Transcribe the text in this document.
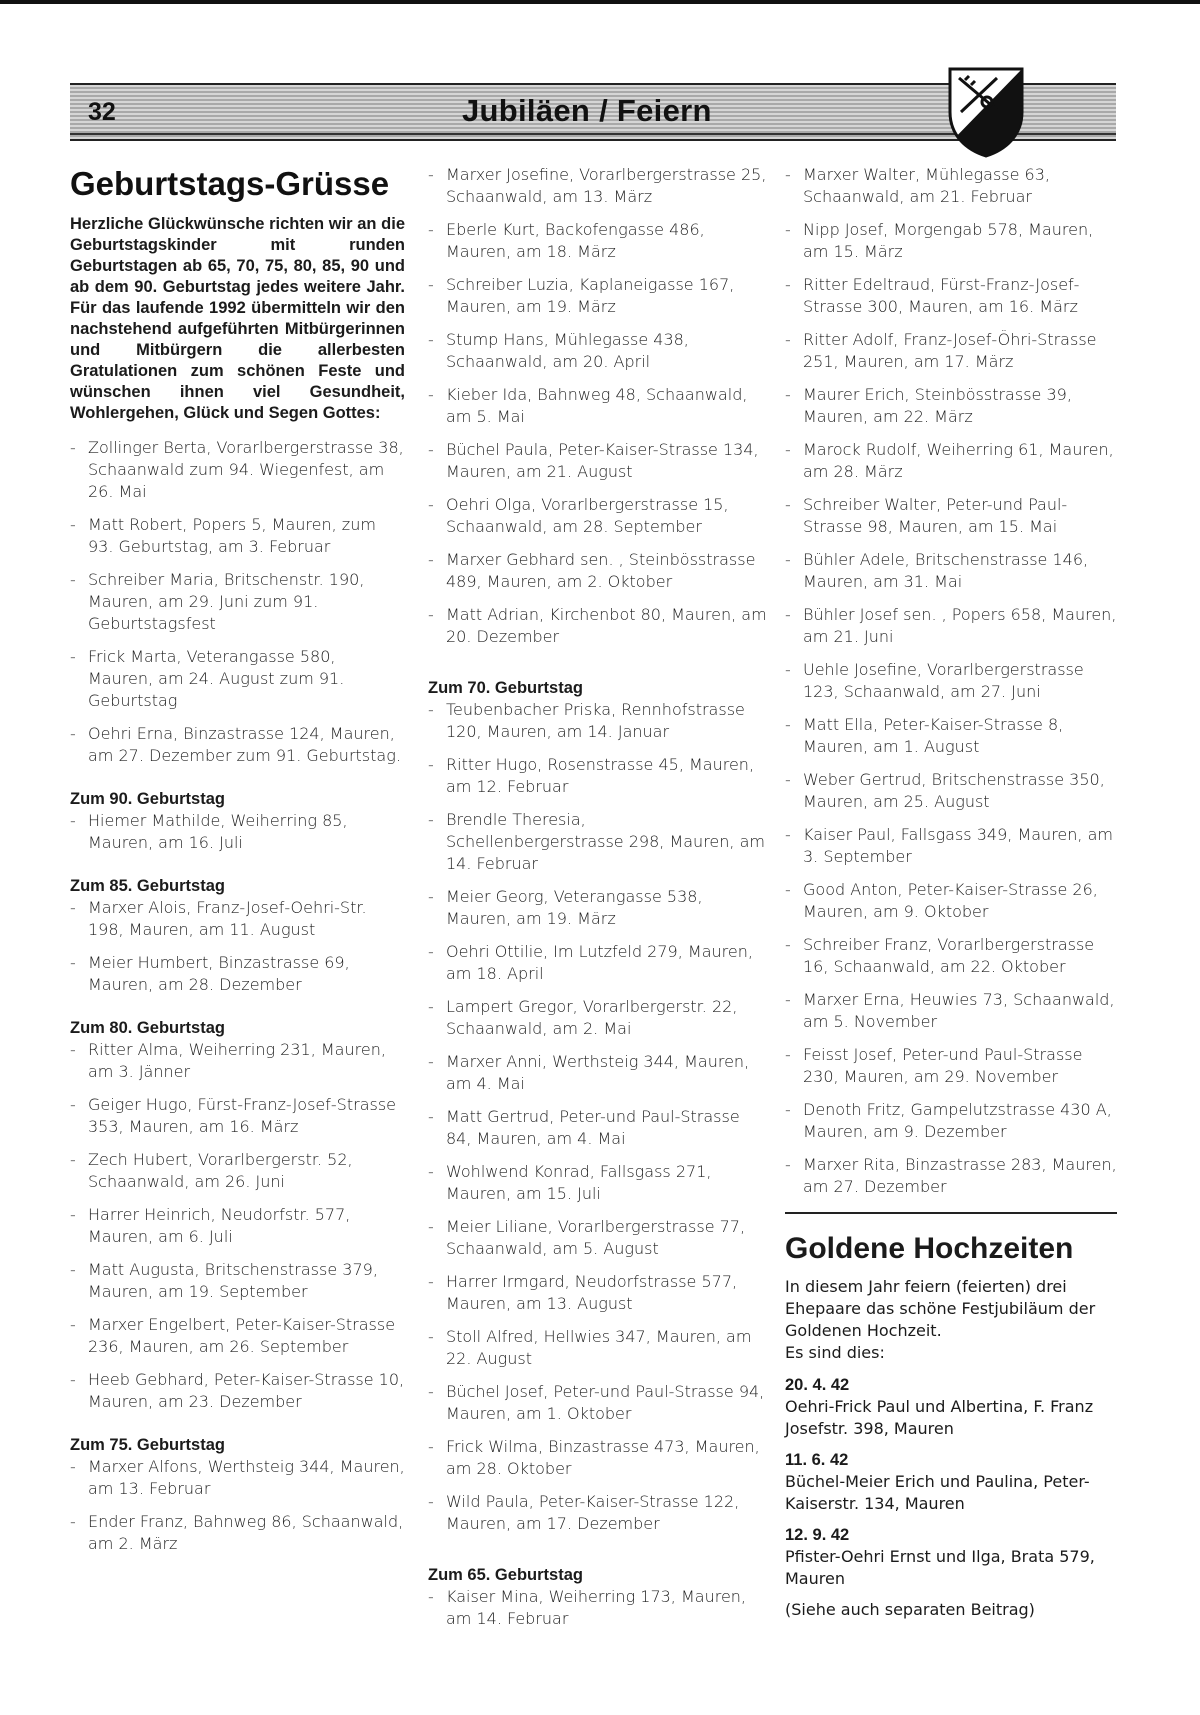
32	Jubiläen / Feiern
Geburtstags-Grüsse
Herzliche Glückwünsche richten wir an die Geburtstagskinder mit runden Geburtstagen ab 65, 70, 75, 80, 85, 90 und ab dem 90. Geburtstag jedes weitere Jahr. Für das laufende 1992 übermitteln wir den nachstehend aufgeführten Mitbürgerinnen und Mitbürgern die allerbesten Gratulationen zum schönen Feste und wünschen ihnen viel Gesundheit, Wohlergehen, Glück und Segen Gottes:
- Zollinger Berta, Vorarlbergerstrasse 38, Schaanwald zum 94. Wiegenfest, am 26. Mai
- Matt Robert, Popers 5, Mauren, zum 93. Geburtstag, am 3. Februar
- Schreiber Maria, Britschenstr. 190, Mauren, am 29. Juni zum 91. Geburtstagsfest
- Frick Marta, Veterangasse 580, Mauren, am 24. August zum 91. Geburtstag
- Oehri Erna, Binzastrasse 124, Mauren, am 27. Dezember zum 91. Geburtstag.
Zum 90. Geburtstag
- Hiemer Mathilde, Weiherring 85, Mauren, am 16. Juli
Zum 85. Geburtstag
- Marxer Alois, Franz-Josef-Oehri-Str. 198, Mauren, am 11. August
- Meier Humbert, Binzastrasse 69, Mauren, am 28. Dezember
Zum 80. Geburtstag
- Ritter Alma, Weiherring 231, Mauren, am 3. Jänner
- Geiger Hugo, Fürst-Franz-Josef-Strasse 353, Mauren, am 16. März
- Zech Hubert, Vorarlbergerstr. 52, Schaanwald, am 26. Juni
- Harrer Heinrich, Neudorfstr. 577, Mauren, am 6. Juli
- Matt Augusta, Britschenstrasse 379, Mauren, am 19. September
- Marxer Engelbert, Peter-Kaiser-Strasse 236, Mauren, am 26. September
- Heeb Gebhard, Peter-Kaiser-Strasse 10, Mauren, am 23. Dezember
Zum 75. Geburtstag
- Marxer Alfons, Werthsteig 344, Mauren, am 13. Februar
- Ender Franz, Bahnweg 86, Schaanwald, am 2. März
- Marxer Josefine, Vorarlbergerstrasse 25, Schaanwald, am 13. März
- Eberle Kurt, Backofengasse 486, Mauren, am 18. März
- Schreiber Luzia, Kaplaneigasse 167, Mauren, am 19. März
- Stump Hans, Mühlegasse 438, Schaanwald, am 20. April
- Kieber Ida, Bahnweg 48, Schaanwald, am 5. Mai
- Büchel Paula, Peter-Kaiser-Strasse 134, Mauren, am 21. August
- Oehri Olga, Vorarlbergerstrasse 15, Schaanwald, am 28. September
- Marxer Gebhard sen. , Steinbösstrasse 489, Mauren, am 2. Oktober
- Matt Adrian, Kirchenbot 80, Mauren, am 20. Dezember
Zum 70. Geburtstag
- Teubenbacher Priska, Rennhofstrasse 120, Mauren, am 14. Januar
- Ritter Hugo, Rosenstrasse 45, Mauren, am 12. Februar
- Brendle Theresia, Schellenbergerstrasse 298, Mauren, am 14. Februar
- Meier Georg, Veterangasse 538, Mauren, am 19. März
- Oehri Ottilie, Im Lutzfeld 279, Mauren, am 18. April
- Lampert Gregor, Vorarlbergerstr. 22, Schaanwald, am 2. Mai
- Marxer Anni, Werthsteig 344, Mauren, am 4. Mai
- Matt Gertrud, Peter-und Paul-Strasse 84, Mauren, am 4. Mai
- Wohlwend Konrad, Fallsgass 271, Mauren, am 15. Juli
- Meier Liliane, Vorarlbergerstrasse 77, Schaanwald, am 5. August
- Harrer Irmgard, Neudorfstrasse 577, Mauren, am 13. August
- Stoll Alfred, Hellwies 347, Mauren, am 22. August
- Büchel Josef, Peter-und Paul-Strasse 94, Mauren, am 1. Oktober
- Frick Wilma, Binzastrasse 473, Mauren, am 28. Oktober
- Wild Paula, Peter-Kaiser-Strasse 122, Mauren, am 17. Dezember
Zum 65. Geburtstag
- Kaiser Mina, Weiherring 173, Mauren, am 14. Februar
- Marxer Walter, Mühlegasse 63, Schaanwald, am 21. Februar
- Nipp Josef, Morgengab 578, Mauren, am 15. März
- Ritter Edeltraud, Fürst-Franz-Josef-Strasse 300, Mauren, am 16. März
- Ritter Adolf, Franz-Josef-Öhri-Strasse 251, Mauren, am 17. März
- Maurer Erich, Steinbösstrasse 39, Mauren, am 22. März
- Marock Rudolf, Weiherring 61, Mauren, am 28. März
- Schreiber Walter, Peter-und Paul-Strasse 98, Mauren, am 15. Mai
- Bühler Adele, Britschenstrasse 146, Mauren, am 31. Mai
- Bühler Josef sen. , Popers 658, Mauren, am 21. Juni
- Uehle Josefine, Vorarlbergerstrasse 123, Schaanwald, am 27. Juni
- Matt Ella, Peter-Kaiser-Strasse 8, Mauren, am 1. August
- Weber Gertrud, Britschenstrasse 350, Mauren, am 25. August
- Kaiser Paul, Fallsgass 349, Mauren, am 3. September
- Good Anton, Peter-Kaiser-Strasse 26, Mauren, am 9. Oktober
- Schreiber Franz, Vorarlbergerstrasse 16, Schaanwald, am 22. Oktober
- Marxer Erna, Heuwies 73, Schaanwald, am 5. November
- Feisst Josef, Peter-und Paul-Strasse 230, Mauren, am 29. November
- Denoth Fritz, Gampelutzstrasse 430 A, Mauren, am 9. Dezember
- Marxer Rita, Binzastrasse 283, Mauren, am 27. Dezember
Goldene Hochzeiten
In diesem Jahr feiern (feierten) drei Ehepaare das schöne Festjubiläum der Goldenen Hochzeit.
Es sind dies:
20. 4. 42
Oehri-Frick Paul und Albertina, F. Franz Josefstr. 398, Mauren
11. 6. 42
Büchel-Meier Erich und Paulina, Peter-Kaiserstr. 134, Mauren
12. 9. 42
Pfister-Oehri Ernst und Ilga, Brata 579, Mauren
(Siehe auch separaten Beitrag)
